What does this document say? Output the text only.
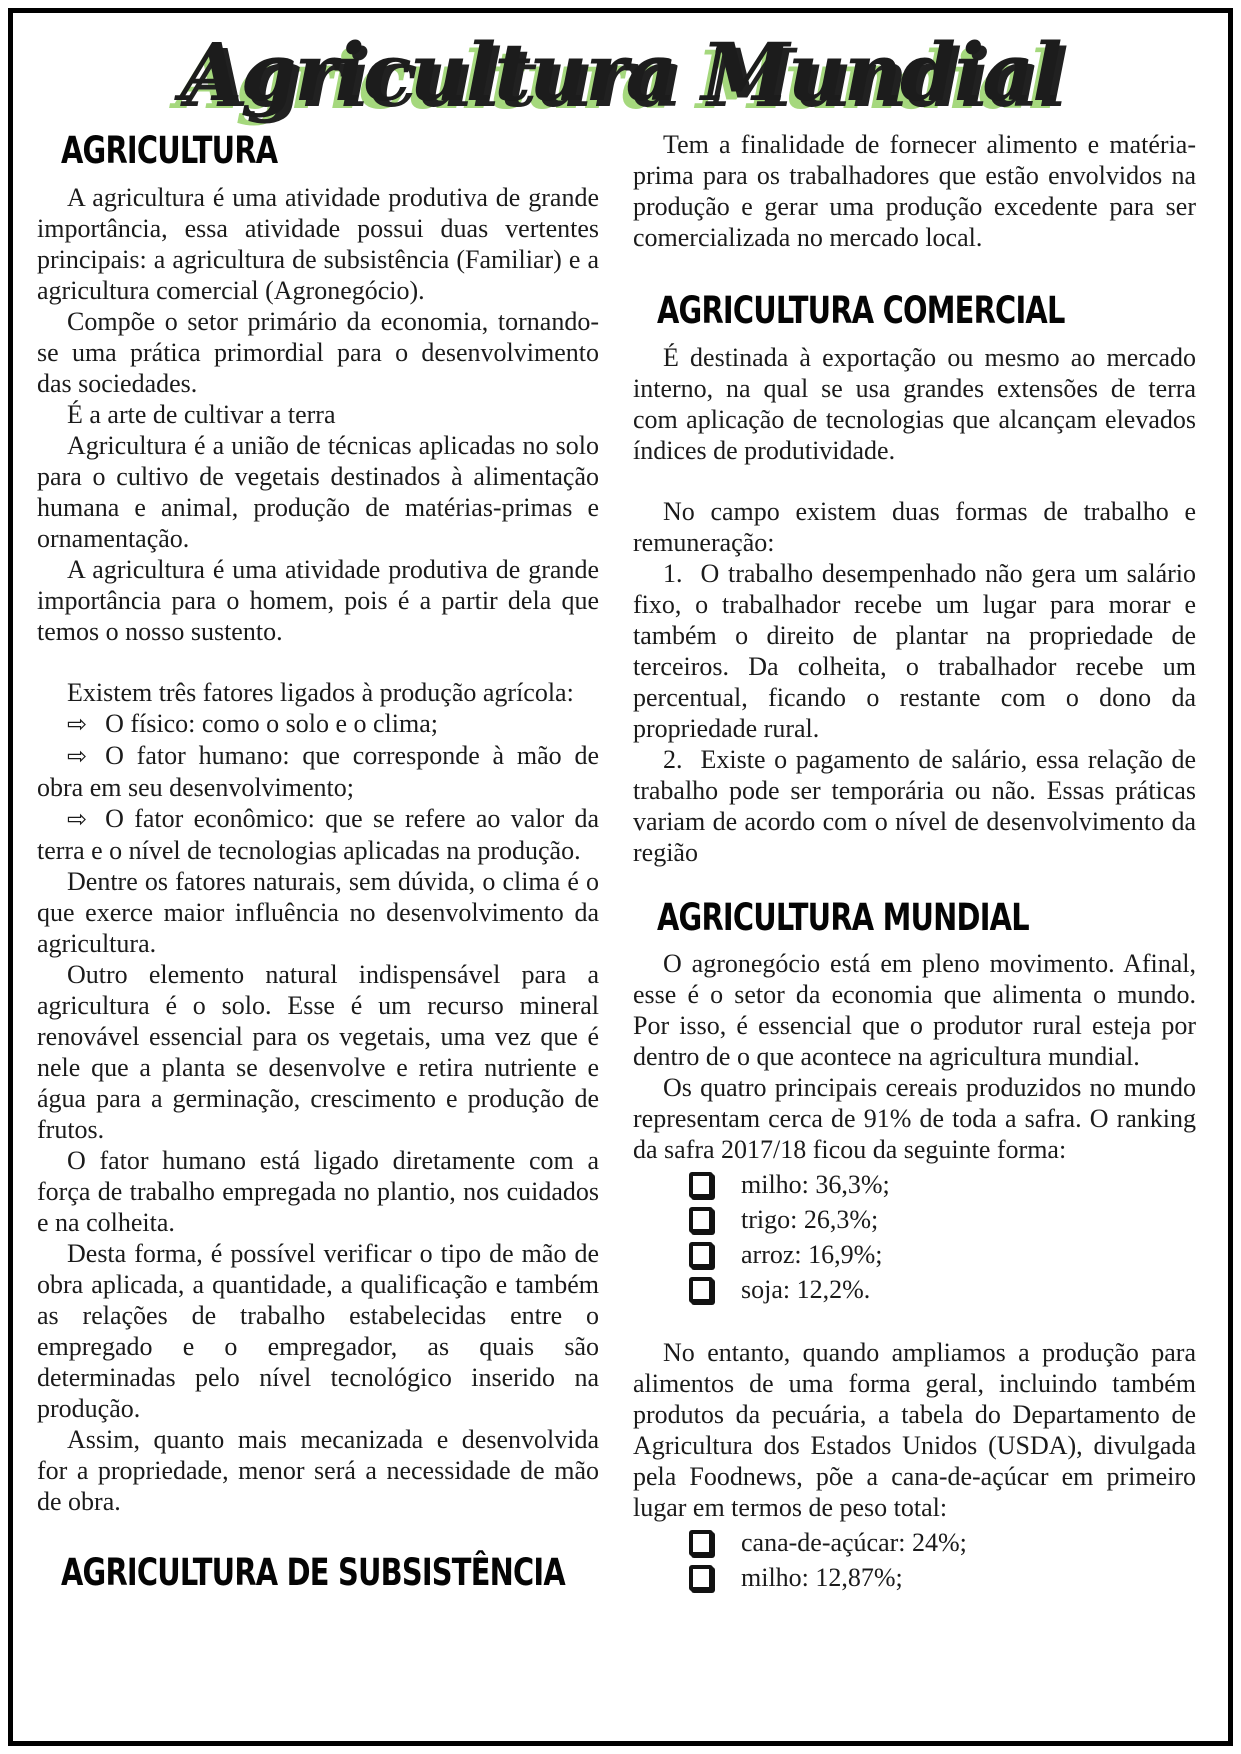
Agricultura Mundial
AGRICULTURA

A agricultura é uma atividade produtiva de grande importância, essa atividade possui duas vertentes principais: a agricultura de subsistência (Familiar) e a agricultura comercial (Agronegócio).

Compõe o setor primário da economia, tornando-se uma prática primordial para o desenvolvimento das sociedades.

É a arte de cultivar a terra

Agricultura é a união de técnicas aplicadas no solo para o cultivo de vegetais destinados à alimentação humana e animal, produção de matérias-primas e ornamentação.

A agricultura é uma atividade produtiva de grande importância para o homem, pois é a partir dela que temos o nosso sustento.

Existem três fatores ligados à produção agrícola:

⇨ O físico: como o solo e o clima;

⇨ O fator humano: que corresponde à mão de obra em seu desenvolvimento;

⇨ O fator econômico: que se refere ao valor da terra e o nível de tecnologias aplicadas na produção.

Dentre os fatores naturais, sem dúvida, o clima é o que exerce maior influência no desenvolvimento da agricultura.

Outro elemento natural indispensável para a agricultura é o solo. Esse é um recurso mineral renovável essencial para os vegetais, uma vez que é nele que a planta se desenvolve e retira nutriente e água para a germinação, crescimento e produção de frutos.

O fator humano está ligado diretamente com a força de trabalho empregada no plantio, nos cuidados e na colheita.

Desta forma, é possível verificar o tipo de mão de obra aplicada, a quantidade, a qualificação e também as relações de trabalho estabelecidas entre o empregado e o empregador, as quais são determinadas pelo nível tecnológico inserido na produção.

Assim, quanto mais mecanizada e desenvolvida for a propriedade, menor será a necessidade de mão de obra.

AGRICULTURA DE SUBSISTÊNCIA

Tem a finalidade de fornecer alimento e matéria-prima para os trabalhadores que estão envolvidos na produção e gerar uma produção excedente para ser comercializada no mercado local.

AGRICULTURA COMERCIAL

É destinada à exportação ou mesmo ao mercado interno, na qual se usa grandes extensões de terra com aplicação de tecnologias que alcançam elevados índices de produtividade.

No campo existem duas formas de trabalho e remuneração:

1. O trabalho desempenhado não gera um salário fixo, o trabalhador recebe um lugar para morar e também o direito de plantar na propriedade de terceiros. Da colheita, o trabalhador recebe um percentual, ficando o restante com o dono da propriedade rural.

2. Existe o pagamento de salário, essa relação de trabalho pode ser temporária ou não. Essas práticas variam de acordo com o nível de desenvolvimento da região

AGRICULTURA MUNDIAL

O agronegócio está em pleno movimento. Afinal, esse é o setor da economia que alimenta o mundo. Por isso, é essencial que o produtor rural esteja por dentro de o que acontece na agricultura mundial.

Os quatro principais cereais produzidos no mundo representam cerca de 91% de toda a safra. O ranking da safra 2017/18 ficou da seguinte forma:

milho: 36,3%;
trigo: 26,3%;
arroz: 16,9%;
soja: 12,2%.

No entanto, quando ampliamos a produção para alimentos de uma forma geral, incluindo também produtos da pecuária, a tabela do Departamento de Agricultura dos Estados Unidos (USDA), divulgada pela Foodnews, põe a cana-de-açúcar em primeiro lugar em termos de peso total:

cana-de-açúcar: 24%;
milho: 12,87%;
